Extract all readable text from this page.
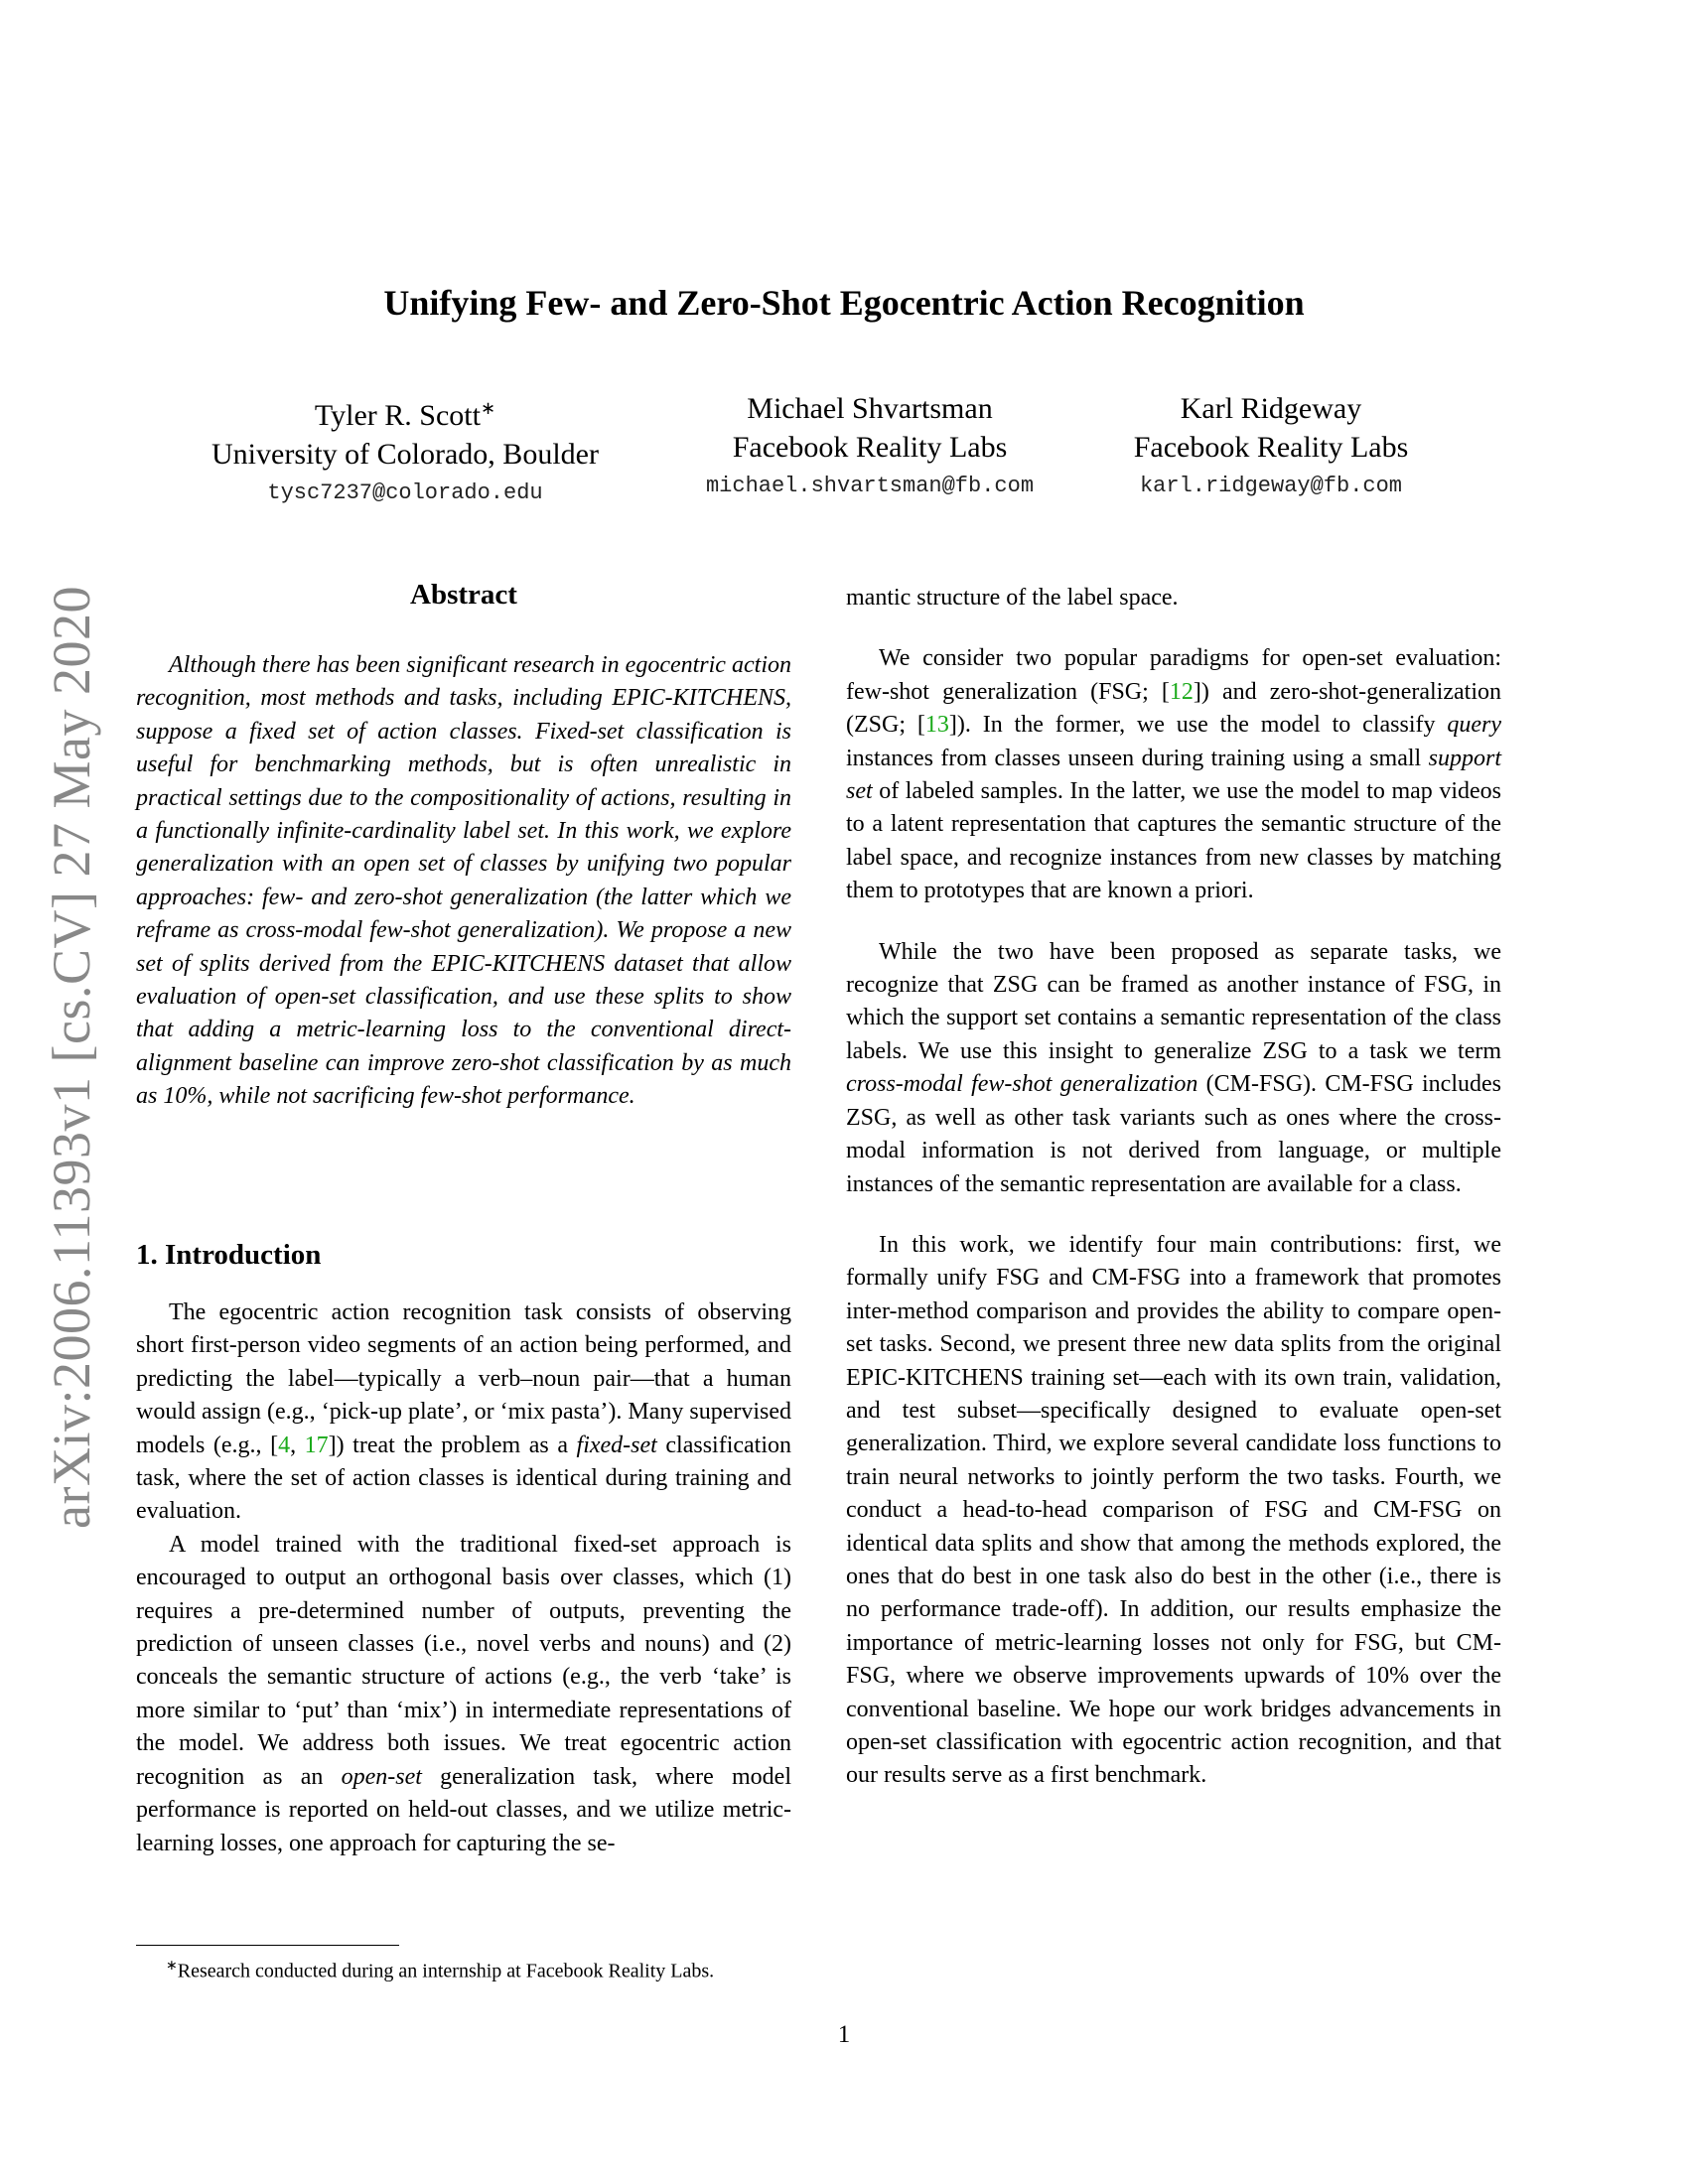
arXiv:2006.11393v1 [cs.CV] 27 May 2020
Unifying Few- and Zero-Shot Egocentric Action Recognition
Tyler R. Scott∗
University of Colorado, Boulder
tysc7237@colorado.edu
Michael Shvartsman
Facebook Reality Labs
michael.shvartsman@fb.com
Karl Ridgeway
Facebook Reality Labs
karl.ridgeway@fb.com
Abstract
Although there has been significant research in egocentric action recognition, most methods and tasks, including EPIC-KITCHENS, suppose a fixed set of action classes. Fixed-set classification is useful for benchmarking methods, but is often unrealistic in practical settings due to the compositionality of actions, resulting in a functionally infinite-cardinality label set. In this work, we explore generalization with an open set of classes by unifying two popular approaches: few- and zero-shot generalization (the latter which we reframe as cross-modal few-shot generalization). We propose a new set of splits derived from the EPIC-KITCHENS dataset that allow evaluation of open-set classification, and use these splits to show that adding a metric-learning loss to the conventional direct-alignment baseline can improve zero-shot classification by as much as 10%, while not sacrificing few-shot performance.
1. Introduction

The egocentric action recognition task consists of observing short first-person video segments of an action being performed, and predicting the label—typically a verb–noun pair—that a human would assign (e.g., ‘pick-up plate’, or ‘mix pasta’). Many supervised models (e.g., [4, 17]) treat the problem as a fixed-set classification task, where the set of action classes is identical during training and evaluation.

A model trained with the traditional fixed-set approach is encouraged to output an orthogonal basis over classes, which (1) requires a pre-determined number of outputs, preventing the prediction of unseen classes (i.e., novel verbs and nouns) and (2) conceals the semantic structure of actions (e.g., the verb ‘take’ is more similar to ‘put’ than ‘mix’) in intermediate representations of the model. We address both issues. We treat egocentric action recognition as an open-set generalization task, where model performance is reported on held-out classes, and we utilize metric-learning losses, one approach for capturing the se-

∗Research conducted during an internship at Facebook Reality Labs.

mantic structure of the label space.

We consider two popular paradigms for open-set evaluation: few-shot generalization (FSG; [12]) and zero-shot-generalization (ZSG; [13]). In the former, we use the model to classify query instances from classes unseen during training using a small support set of labeled samples. In the latter, we use the model to map videos to a latent representation that captures the semantic structure of the label space, and recognize instances from new classes by matching them to prototypes that are known a priori.

While the two have been proposed as separate tasks, we recognize that ZSG can be framed as another instance of FSG, in which the support set contains a semantic representation of the class labels. We use this insight to generalize ZSG to a task we term cross-modal few-shot generalization (CM-FSG). CM-FSG includes ZSG, as well as other task variants such as ones where the cross-modal information is not derived from language, or multiple instances of the semantic representation are available for a class.

In this work, we identify four main contributions: first, we formally unify FSG and CM-FSG into a framework that promotes inter-method comparison and provides the ability to compare open-set tasks. Second, we present three new data splits from the original EPIC-KITCHENS training set—each with its own train, validation, and test subset—specifically designed to evaluate open-set generalization. Third, we explore several candidate loss functions to train neural networks to jointly perform the two tasks. Fourth, we conduct a head-to-head comparison of FSG and CM-FSG on identical data splits and show that among the methods explored, the ones that do best in one task also do best in the other (i.e., there is no performance trade-off). In addition, our results emphasize the importance of metric-learning losses not only for FSG, but CM-FSG, where we observe improvements upwards of 10% over the conventional baseline. We hope our work bridges advancements in open-set classification with egocentric action recognition, and that our results serve as a first benchmark.

1
